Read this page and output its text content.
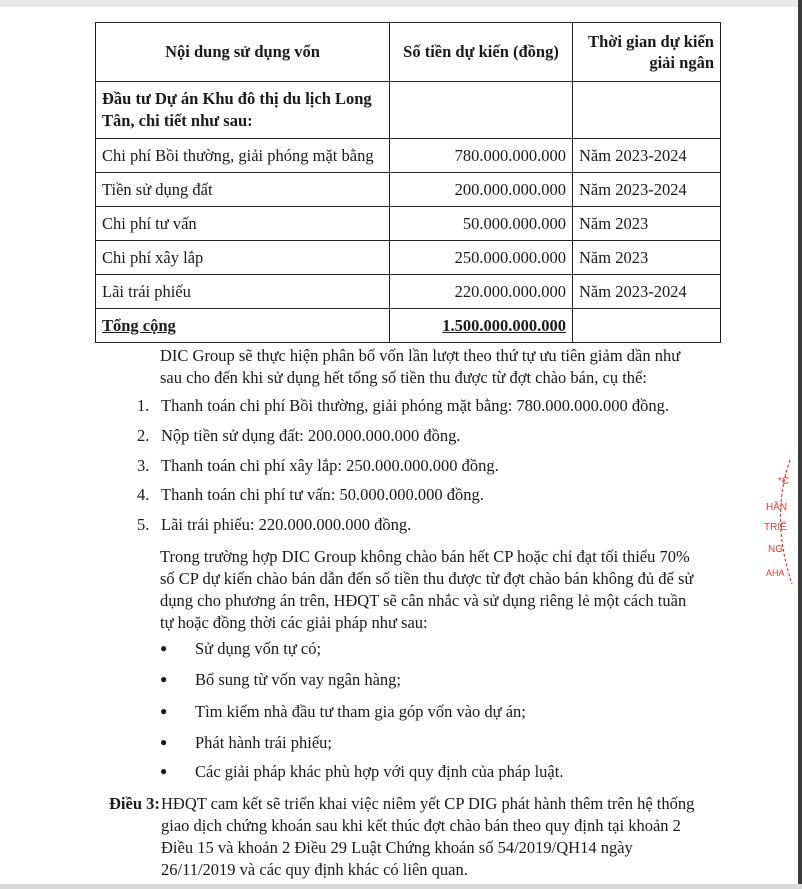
Nội dung sử dụng vốn	Số tiền dự kiến (đồng)	Thời gian dự kiến
giải ngân

Đầu tư Dự án Khu đô thị du lịch Long
Tân, chi tiết như sau:		

Chi phí Bồi thường, giải phóng mặt bằng	780.000.000.000	Năm 2023-2024
Tiền sử dụng đất	200.000.000.000	Năm 2023-2024
Chi phí tư vấn	50.000.000.000	Năm 2023
Chi phí xây lắp	250.000.000.000	Năm 2023
Lãi trái phiếu	220.000.000.000	Năm 2023-2024
Tổng cộng	1.500.000.000.000	
DIC Group sẽ thực hiện phân bổ vốn lần lượt theo thứ tự ưu tiên giảm dần như
sau cho đến khi sử dụng hết tổng số tiền thu được từ đợt chào bán, cụ thể:
1. Thanh toán chi phí Bồi thường, giải phóng mặt bằng: 780.000.000.000 đồng.
2. Nộp tiền sử dụng đất: 200.000.000.000 đồng.
3. Thanh toán chi phí xây lắp: 250.000.000.000 đồng.
4. Thanh toán chi phí tư vấn: 50.000.000.000 đồng.
5. Lãi trái phiếu: 220.000.000.000 đồng.
Trong trường hợp DIC Group không chào bán hết CP hoặc chỉ đạt tối thiểu 70%
số CP dự kiến chào bán dẫn đến số tiền thu được từ đợt chào bán không đủ để sử
dụng cho phương án trên, HĐQT sẽ cân nhắc và sử dụng riêng lẻ một cách tuần
tự hoặc đồng thời các giải pháp như sau:
● Sử dụng vốn tự có;
● Bổ sung từ vốn vay ngân hàng;
● Tìm kiếm nhà đầu tư tham gia góp vốn vào dự án;
● Phát hành trái phiếu;
● Các giải pháp khác phù hợp với quy định của pháp luật.
Điều 3: HĐQT cam kết sẽ triển khai việc niêm yết CP DIG phát hành thêm trên hệ thống
giao dịch chứng khoán sau khi kết thúc đợt chào bán theo quy định tại khoản 2
Điều 15 và khoản 2 Điều 29 Luật Chứng khoán số 54/2019/QH14 ngày
26/11/2019 và các quy định khác có liên quan.
*C
HẦN
TRIỂ
NG
AHA
